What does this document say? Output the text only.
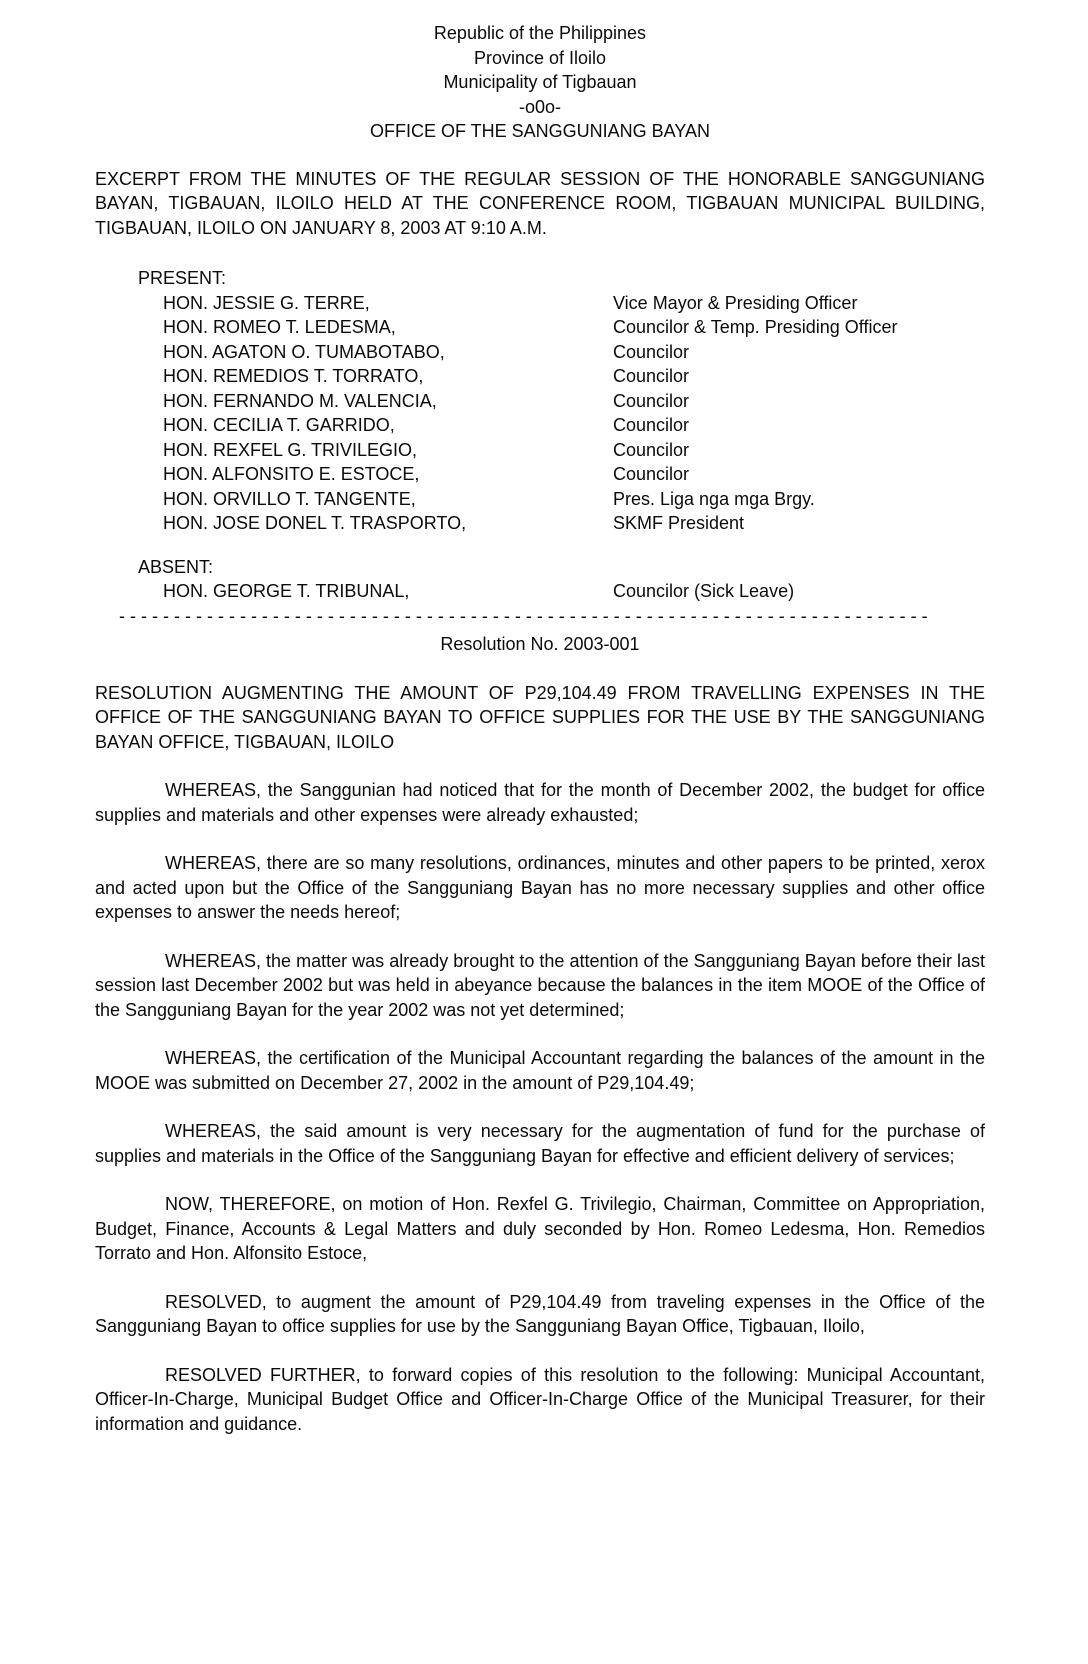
Republic of the Philippines
Province of Iloilo
Municipality of Tigbauan
-o0o-
OFFICE OF THE SANGGUNIANG BAYAN

EXCERPT FROM THE MINUTES OF THE REGULAR SESSION OF THE HONORABLE SANGGUNIANG BAYAN, TIGBAUAN, ILOILO HELD AT THE CONFERENCE ROOM, TIGBAUAN MUNICIPAL BUILDING, TIGBAUAN, ILOILO ON JANUARY 8, 2003 AT 9:10 A.M.

PRESENT:
HON. JESSIE G. TERRE,	Vice Mayor & Presiding Officer
HON. ROMEO T. LEDESMA,	Councilor & Temp. Presiding Officer
HON. AGATON O. TUMABOTABO,	Councilor
HON. REMEDIOS T. TORRATO,	Councilor
HON. FERNANDO M. VALENCIA,	Councilor
HON. CECILIA T. GARRIDO,	Councilor
HON. REXFEL G. TRIVILEGIO,	Councilor
HON. ALFONSITO E. ESTOCE,	Councilor
HON. ORVILLO T. TANGENTE,	Pres. Liga nga mga Brgy.
HON. JOSE DONEL T. TRASPORTO,	SKMF President
ABSENT:
HON. GEORGE T. TRIBUNAL,	Councilor (Sick Leave)
- - - - - - - - - - - - - - - - - - - - - - - - - - - - - - - - - - - - - - - - - - - - - - - - - - - - - - - - - - - - - - - - - - - - - - - - - -
Resolution No. 2003-001

RESOLUTION AUGMENTING THE AMOUNT OF P29,104.49 FROM TRAVELLING EXPENSES IN THE OFFICE OF THE SANGGUNIANG BAYAN TO OFFICE SUPPLIES FOR THE USE BY THE SANGGUNIANG BAYAN OFFICE, TIGBAUAN, ILOILO

WHEREAS, the Sanggunian had noticed that for the month of December 2002, the budget for office supplies and materials and other expenses were already exhausted;

WHEREAS, there are so many resolutions, ordinances, minutes and other papers to be printed, xerox and acted upon but the Office of the Sangguniang Bayan has no more necessary supplies and other office expenses to answer the needs hereof;

WHEREAS, the matter was already brought to the attention of the Sangguniang Bayan before their last session last December 2002 but was held in abeyance because the balances in the item MOOE of the Office of the Sangguniang Bayan for the year 2002 was not yet determined;

WHEREAS, the certification of the Municipal Accountant regarding the balances of the amount in the MOOE was submitted on December 27, 2002 in the amount of P29,104.49;

WHEREAS, the said amount is very necessary for the augmentation of fund for the purchase of supplies and materials in the Office of the Sangguniang Bayan for effective and efficient delivery of services;

NOW, THEREFORE, on motion of Hon. Rexfel G. Trivilegio, Chairman, Committee on Appropriation, Budget, Finance, Accounts & Legal Matters and duly seconded by Hon. Romeo Ledesma, Hon. Remedios Torrato and Hon. Alfonsito Estoce,

RESOLVED, to augment the amount of P29,104.49 from traveling expenses in the Office of the Sangguniang Bayan to office supplies for use by the Sangguniang Bayan Office, Tigbauan, Iloilo,

RESOLVED FURTHER, to forward copies of this resolution to the following: Municipal Accountant, Officer-In-Charge, Municipal Budget Office and Officer-In-Charge Office of the Municipal Treasurer, for their information and guidance.
